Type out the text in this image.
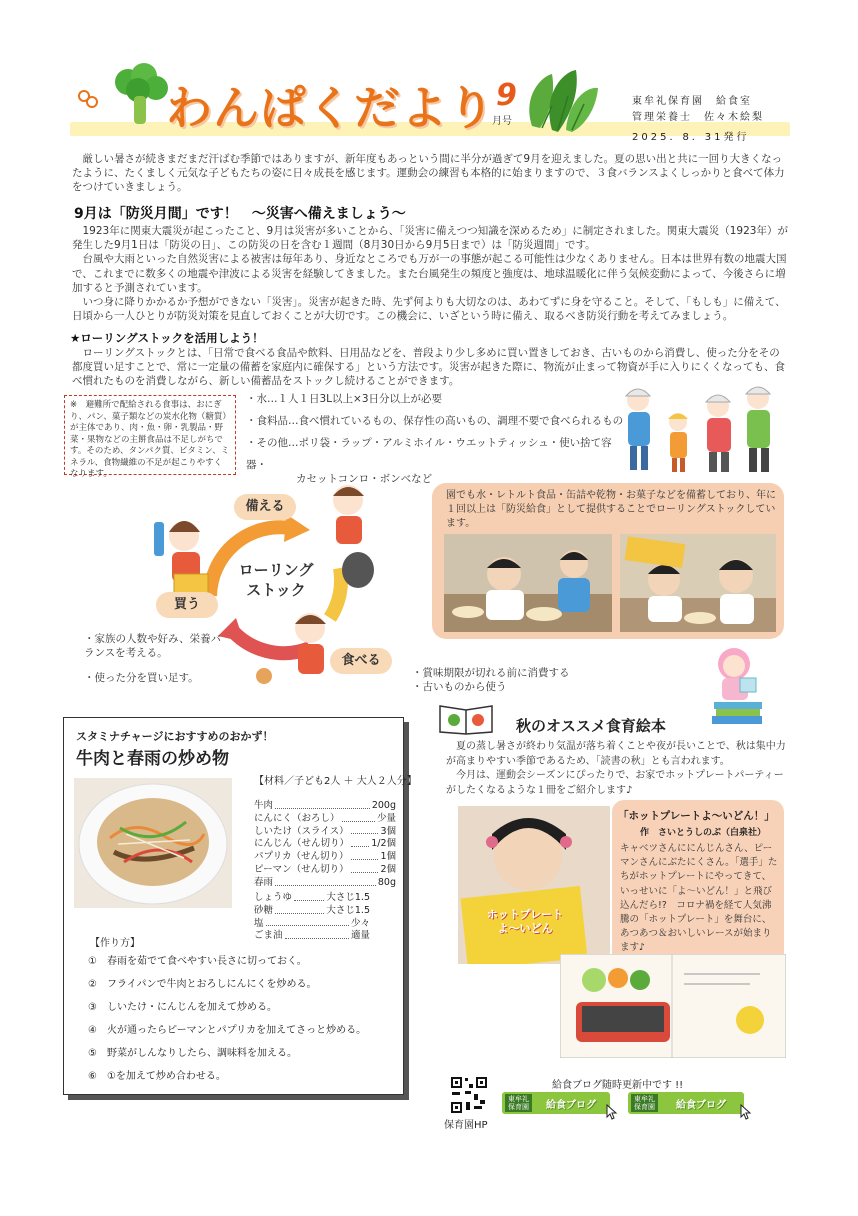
わんぱくだより 9
月号
東牟礼保育園　給食室
管理栄養士　佐々木絵梨
2025．8．31発行

厳しい暑さが続きまだまだ汗ばむ季節ではありますが、新年度もあっという間に半分が過ぎて9月を迎えました。夏の思い出と共に一回り大きくなったように、たくましく元気な子どもたちの姿に日々成長を感じます。運動会の練習も本格的に始まりますので、３食バランスよくしっかりと食べて体力をつけていきましょう。

9月は「防災月間」です！　～災害へ備えましょう～

1923年に関東大震災が起こったこと、9月は災害が多いことから、「災害に備えつつ知識を深めるため」に制定されました。関東大震災（1923年）が発生した9月1日は「防災の日」、この防災の日を含む１週間（8月30日から9月5日まで）は「防災週間」です。

台風や大雨といった自然災害による被害は毎年あり、身近なところでも万が一の事態が起こる可能性は少なくありません。日本は世界有数の地震大国で、これまでに数多くの地震や津波による災害を経験してきました。また台風発生の頻度と強度は、地球温暖化に伴う気候変動によって、今後さらに増加すると予測されています。

いつ身に降りかかるか予想ができない「災害」。災害が起きた時、先ず何よりも大切なのは、あわてずに身を守ること。そして、「もしも」に備えて、日頃から一人ひとりが防災対策を見直しておくことが大切です。この機会に、いざという時に備え、取るべき防災行動を考えてみましょう。

★ローリングストックを活用しよう！

ローリングストックとは、「日常で食べる食品や飲料、日用品などを、普段より少し多めに買い置きしておき、古いものから消費し、使った分をその都度買い足すことで、常に一定量の備蓄を家庭内に確保する」という方法です。災害が起きた際に、物流が止まって物資が手に入りにくくなっても、食べ慣れたものを消費しながら、新しい備蓄品をストックし続けることができます。

※　避難所で配給される食事は、おにぎり、パン、菓子類などの炭水化物（糖質）が主体であり、肉・魚・卵・乳製品・野菜・果物などの主餅食品は不足しがちです。そのため、タンパク質、ビタミン、ミネラル、食物繊維の不足が起こりやすくなります。
・水…１人１日3L以上×3日分以上が必要
・食料品…食べ慣れているもの、保存性の高いもの、調理不要で食べられるもの
・その他…ポリ袋・ラップ・アルミホイル・ウエットティッシュ・使い捨て容器・
カセットコンロ・ボンベなど
備える
買う
食べる
ローリング
ストック
・家族の人数や好み、栄養バランスを考える。
・使った分を買い足す。	・賞味期限が切れる前に消費する
・古いものから使う
園でも水・レトルト食品・缶詰や乾物・お菓子などを備蓄しており、年に１回以上は「防災給食」として提供することでローリングストックしています。
スタミナチャージにおすすめのおかず！
牛肉と春雨の炒め物
【材料／子ども2人 ＋ 大人２人分】
牛肉	200g
にんにく（おろし）	少量
しいたけ（スライス）	3個
にんじん（せん切り） 1/2個
パプリカ（せん切り）	1個
ピーマン（せん切り）	2個
春雨	80g
しょうゆ	大さじ1.5
砂糖	大さじ1.5
塩	少々
ごま油	適量
【作り方】
①　 春雨を茹でて食べやすい長さに切っておく。
②　 フライパンで牛肉とおろしにんにくを炒める。
③　 しいたけ・にんじんを加えて炒める。
④　 火が通ったらピーマンとパプリカを加えてさっと炒める。
⑤　 野菜がしんなりしたら、調味料を加える。
⑥　 ①を加えて炒め合わせる。
秋のオススメ食育絵本

夏の蒸し暑さが終わり気温が落ち着くことや夜が長いことで、秋は集中力が高まりやすい季節であるため、「読書の秋」とも言われます。

今月は、運動会シーズンにぴったりで、お家でホットプレートパーティーがしたくなるような１冊をご紹介します♪

ホットプレート
よ～いどん
「ホットプレートよ～いどん！」
作　さいとうしのぶ（白泉社）
キャベツさんににんじんさん、ピーマンさんにぶたにくさん。「選手」たちがホットプレートにやってきて、いっせいに「よ～いどん！」と飛び込んだら!?　コロナ禍を経て人気沸騰の「ホットプレート」を舞台に、あつあつ＆おいしいレースが始まります♪
保育園HP
給食ブログ随時更新中です !!
東牟礼
保育園	給食ブログ
東牟礼
保育園	給食ブログ
